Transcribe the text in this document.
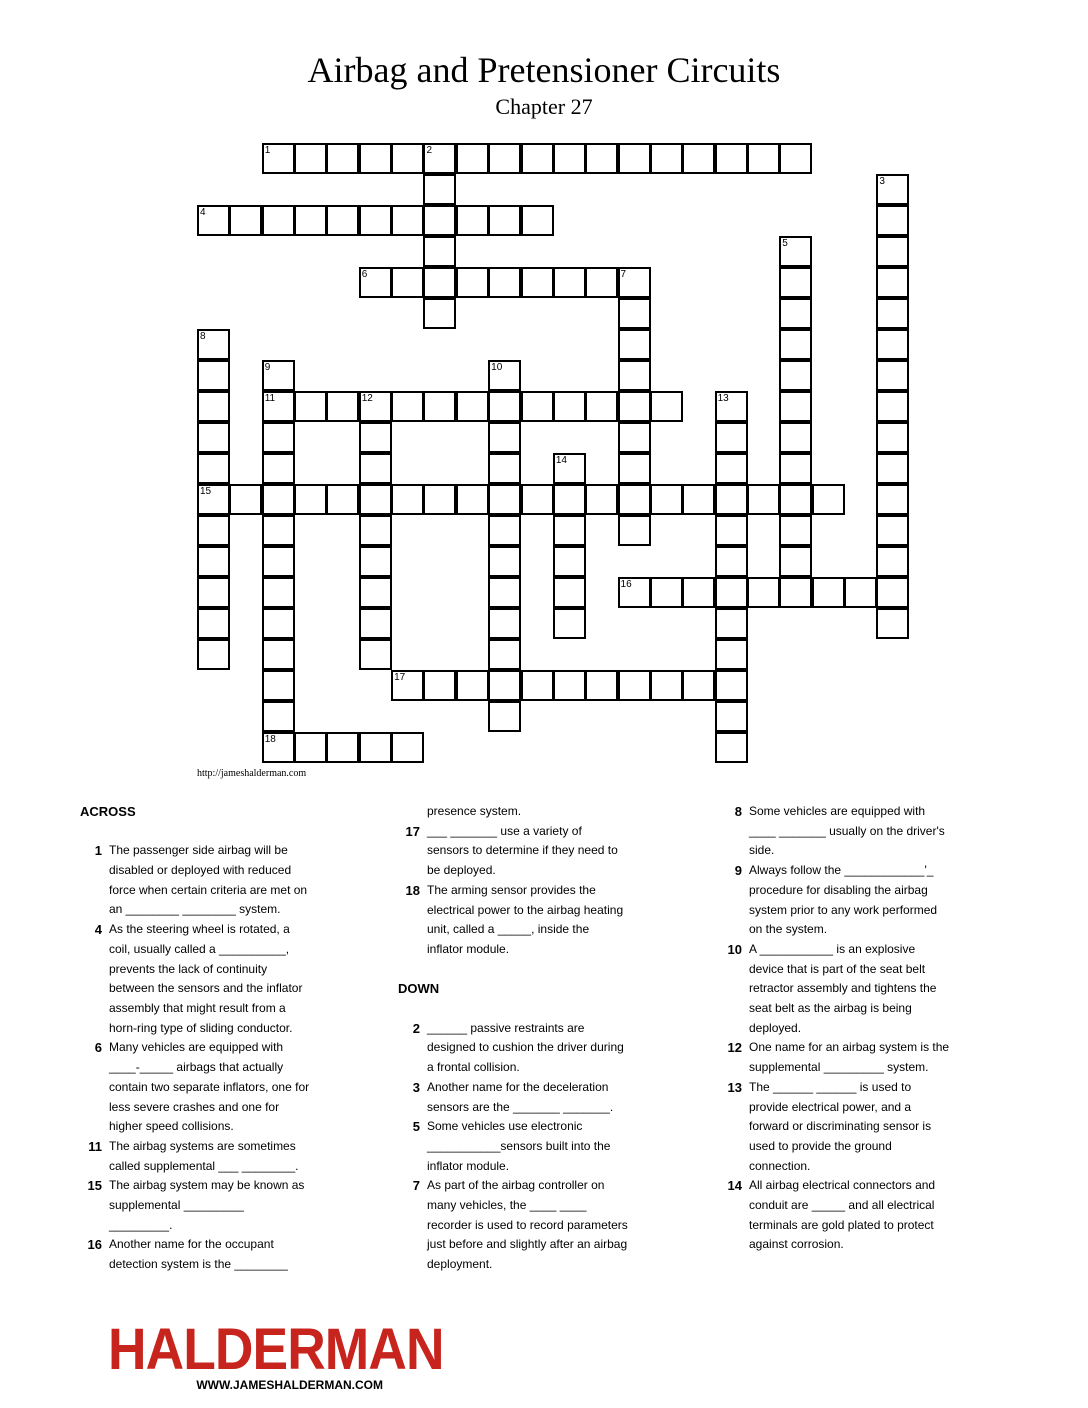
Airbag and Pretensioner Circuits
Chapter 27
1	2
3
4
5
6	7
8
15
9
11
18
10
12	13
14
16
17
http://jameshalderman.com
ACROSS
1 The passenger side airbag will be
disabled or deployed with reduced
force when certain criteria are met on
an ________ ________ system.
4 As the steering wheel is rotated, a
coil, usually called a __________,
prevents the lack of continuity
between the sensors and the inflator
assembly that might result from a
horn-ring type of sliding conductor.
6 Many vehicles are equipped with
____-_____ airbags that actually
contain two separate inflators, one for
less severe crashes and one for
higher speed collisions.
11 The airbag systems are sometimes
called supplemental ___ ________.
15 The airbag system may be known as
supplemental _________
_________.
16 Another name for the occupant
detection system is the ________
presence system.
17 ___ _______ use a variety of
sensors to determine if they need to
be deployed.
18 The arming sensor provides the
electrical power to the airbag heating
unit, called a _____, inside the
inflator module.
DOWN
2 ______ passive restraints are
designed to cushion the driver during
a frontal collision.
3 Another name for the deceleration
sensors are the _______ _______.
5 Some vehicles use electronic
___________sensors built into the
inflator module.
7 As part of the airbag controller on
many vehicles, the ____ ____
recorder is used to record parameters
just before and slightly after an airbag
deployment.
8 Some vehicles are equipped with
____ _______ usually on the driver's
side.
9 Always follow the ____________'_
procedure for disabling the airbag
system prior to any work performed
on the system.
10 A ___________ is an explosive
device that is part of the seat belt
retractor assembly and tightens the
seat belt as the airbag is being
deployed.
12 One name for an airbag system is the
supplemental _________ system.
13 The ______ ______ is used to
provide electrical power, and a
forward or discriminating sensor is
used to provide the ground
connection.
14 All airbag electrical connectors and
conduit are _____ and all electrical
terminals are gold plated to protect
against corrosion.
HALDERMAN
WWW.JAMESHALDERMAN.COM
